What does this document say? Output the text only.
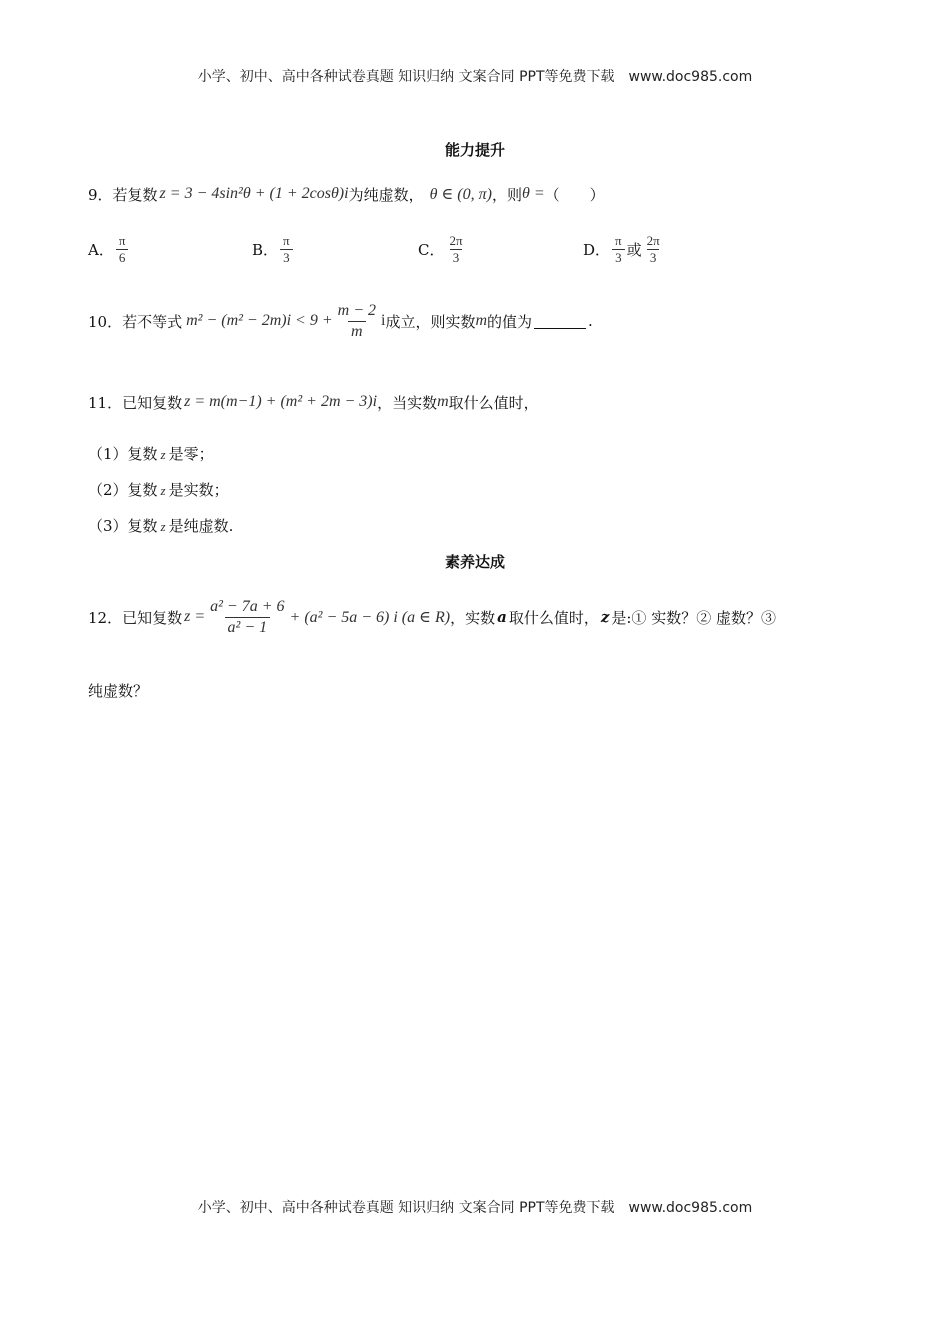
小学、初中、高中各种试卷真题 知识归纳 文案合同 PPT等免费下载 www.doc985.com
能力提升
9．若复数 z = 3 − 4sin²θ + (1 + 2cosθ)i 为纯虚数， θ ∈ (0, π) ，则 θ = （　　）
A． $\frac{\pi}{6}$	B． $\frac{\pi}{3}$	C． $\frac{2\pi}{3}$	D． $\frac{\pi}{3}$ 或 $\frac{2\pi}{3}$
10．若不等式 $m^2 - (m^2 - 2m)i < 9 + \frac{m - 2}{m}$ i 成立，则实数 m 的值为	.
11．已知复数 z = m(m−1) + (m² + 2m − 3)i ，当实数 m 取什么值时，
（1）复数 z 是零；
（2）复数 z 是实数；
（3）复数 z 是纯虚数.
素养达成
12．已知复数 $z = \frac{\text{a² − 7a + 6}}{\text{a² − 1}} + (a^2 - 5a - 6)$ i (a ∈ R) ，实数 a 取什么值时， z 是:① 实数？② 虚数？③
纯虚数？
小学、初中、高中各种试卷真题 知识归纳 文案合同 PPT等免费下载 www.doc985.com
